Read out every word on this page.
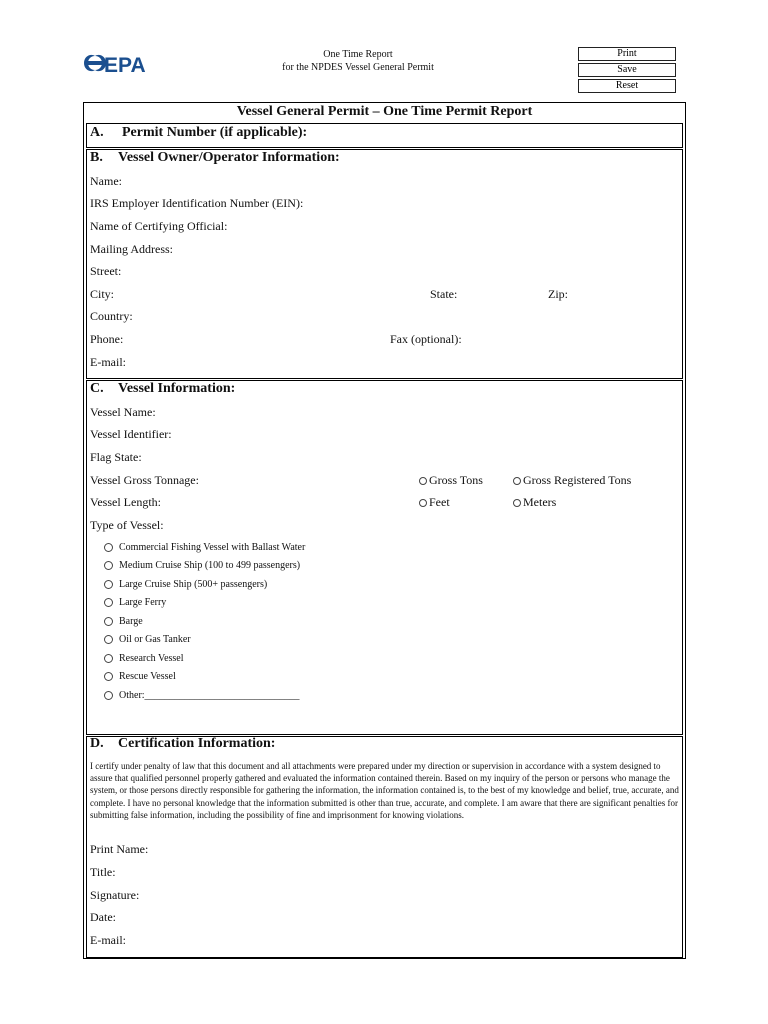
EPA	One Time Report
for the NPDES Vessel General Permit
Print
Save
Reset
Vessel General Permit – One Time Permit Report
A. Permit Number (if applicable):
B. Vessel Owner/Operator Information:
Name:
IRS Employer Identification Number (EIN):
Name of Certifying Official:
Mailing Address:
Street:
City:	State:	Zip:
Country:
Phone:	Fax (optional):
E-mail:
C. Vessel Information:
Vessel Name:
Vessel Identifier:
Flag State:
Vessel Gross Tonnage:	Gross Tons	Gross Registered Tons
Vessel Length:	Feet	Meters
Type of Vessel:
Commercial Fishing Vessel with Ballast Water
Medium Cruise Ship (100 to 499 passengers)
Large Cruise Ship (500+ passengers)
Large Ferry
Barge
Oil or Gas Tanker
Research Vessel
Rescue Vessel
Other:_______________________________
D. Certification Information:
I certify under penalty of law that this document and all attachments were prepared under my direction or supervision in accordance with a system designed to assure that qualified personnel properly gathered and evaluated the information contained therein. Based on my inquiry of the person or persons who manage the system, or those persons directly responsible for gathering the information, the information contained is, to the best of my knowledge and belief, true, accurate, and complete. I have no personal knowledge that the information submitted is other than true, accurate, and complete. I am aware that there are significant penalties for submitting false information, including the possibility of fine and imprisonment for knowing violations.
Print Name:
Title:
Signature:
Date:
E-mail:
